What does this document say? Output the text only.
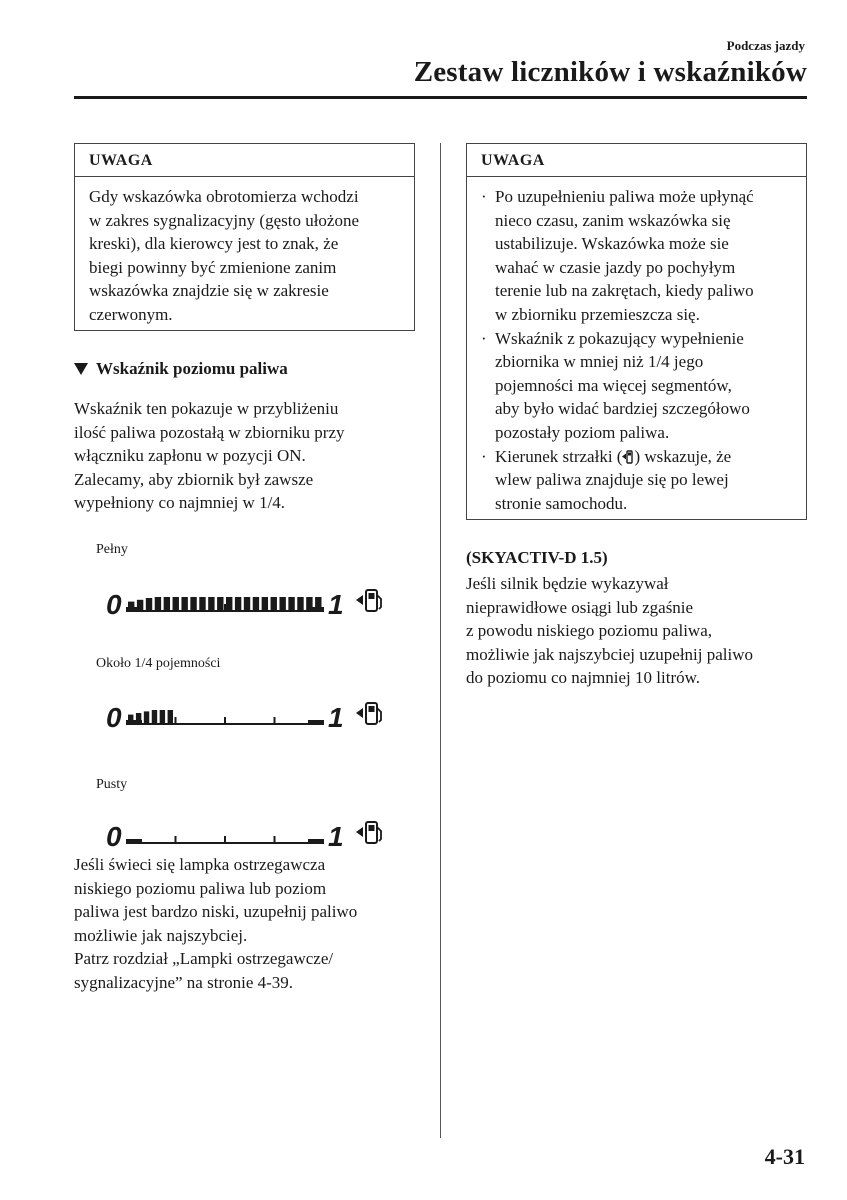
Podczas jazdy
Zestaw liczników i wskaźników
UWAGA
Gdy wskazówka obrotomierza wchodzi
w zakres sygnalizacyjny (gęsto ułożone
kreski), dla kierowcy jest to znak, że
biegi powinny być zmienione zanim
wskazówka znajdzie się w zakresie
czerwonym.
Wskaźnik poziomu paliwa
Wskaźnik ten pokazuje w przybliżeniu
ilość paliwa pozostałą w zbiorniku przy
włączniku zapłonu w pozycji ON.
Zalecamy, aby zbiornik był zawsze
wypełniony co najmniej w 1/4.
Pełny
0	1
Około 1/4 pojemności
0	1
Pusty
0	1
Jeśli świeci się lampka ostrzegawcza
niskiego poziomu paliwa lub poziom
paliwa jest bardzo niski, uzupełnij paliwo
możliwie jak najszybciej.
Patrz rozdział „Lampki ostrzegawcze/
sygnalizacyjne” na stronie 4-39.
UWAGA
· Po uzupełnieniu paliwa może upłynąć
nieco czasu, zanim wskazówka się
ustabilizuje. Wskazówka może sie
wahać w czasie jazdy po pochyłym
terenie lub na zakrętach, kiedy paliwo
w zbiorniku przemieszcza się.
· Wskaźnik z pokazujący wypełnienie
zbiornika w mniej niż 1/4 jego
pojemności ma więcej segmentów,
aby było widać bardziej szczegółowo
pozostały poziom paliwa.
· Kierunek strzałki ( ) wskazuje, że
wlew paliwa znajduje się po lewej
stronie samochodu.
(SKYACTIV-D 1.5)
Jeśli silnik będzie wykazywał
nieprawidłowe osiągi lub zgaśnie
z powodu niskiego poziomu paliwa,
możliwie jak najszybciej uzupełnij paliwo
do poziomu co najmniej 10 litrów.
4-31
